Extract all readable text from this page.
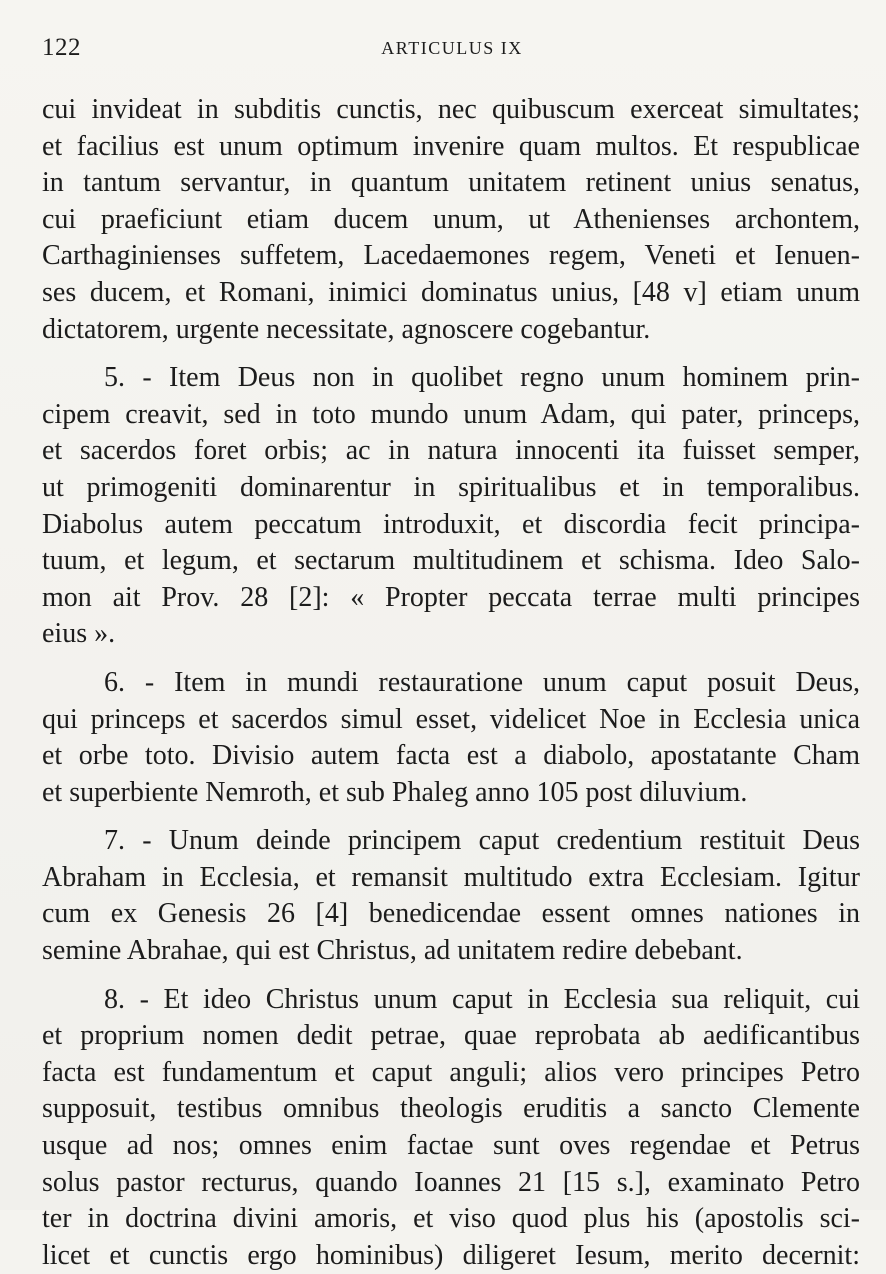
122	ARTICULUS IX

cui invideat in subditis cunctis, nec quibuscum exerceat simultates;
et facilius est unum optimum invenire quam multos. Et respublicae
in tantum servantur, in quantum unitatem retinent unius senatus,
cui praeficiunt etiam ducem unum, ut Athenienses archontem,
Carthaginienses suffetem, Lacedaemones regem, Veneti et Ienuen-
ses ducem, et Romani, inimici dominatus unius, [48 v] etiam unum
dictatorem, urgente necessitate, agnoscere cogebantur.

5. - Item Deus non in quolibet regno unum hominem prin-
cipem creavit, sed in toto mundo unum Adam, qui pater, princeps,
et sacerdos foret orbis; ac in natura innocenti ita fuisset semper,
ut primogeniti dominarentur in spiritualibus et in temporalibus.
Diabolus autem peccatum introduxit, et discordia fecit principa-
tuum, et legum, et sectarum multitudinem et schisma. Ideo Salo-
mon ait Prov. 28 [2]: « Propter peccata terrae multi principes
eius ».

6. - Item in mundi restauratione unum caput posuit Deus,
qui princeps et sacerdos simul esset, videlicet Noe in Ecclesia unica
et orbe toto. Divisio autem facta est a diabolo, apostatante Cham
et superbiente Nemroth, et sub Phaleg anno 105 post diluvium.

7. - Unum deinde principem caput credentium restituit Deus
Abraham in Ecclesia, et remansit multitudo extra Ecclesiam. Igitur
cum ex Genesis 26 [4] benedicendae essent omnes nationes in
semine Abrahae, qui est Christus, ad unitatem redire debebant.

8. - Et ideo Christus unum caput in Ecclesia sua reliquit, cui
et proprium nomen dedit petrae, quae reprobata ab aedificantibus
facta est fundamentum et caput anguli; alios vero principes Petro
supposuit, testibus omnibus theologis eruditis a sancto Clemente
usque ad nos; omnes enim factae sunt oves regendae et Petrus
solus pastor recturus, quando Ioannes 21 [15 s.], examinato Petro
ter in doctrina divini amoris, et viso quod plus his (apostolis sci-
licet et cunctis ergo hominibus) diligeret Iesum, merito decernit:
